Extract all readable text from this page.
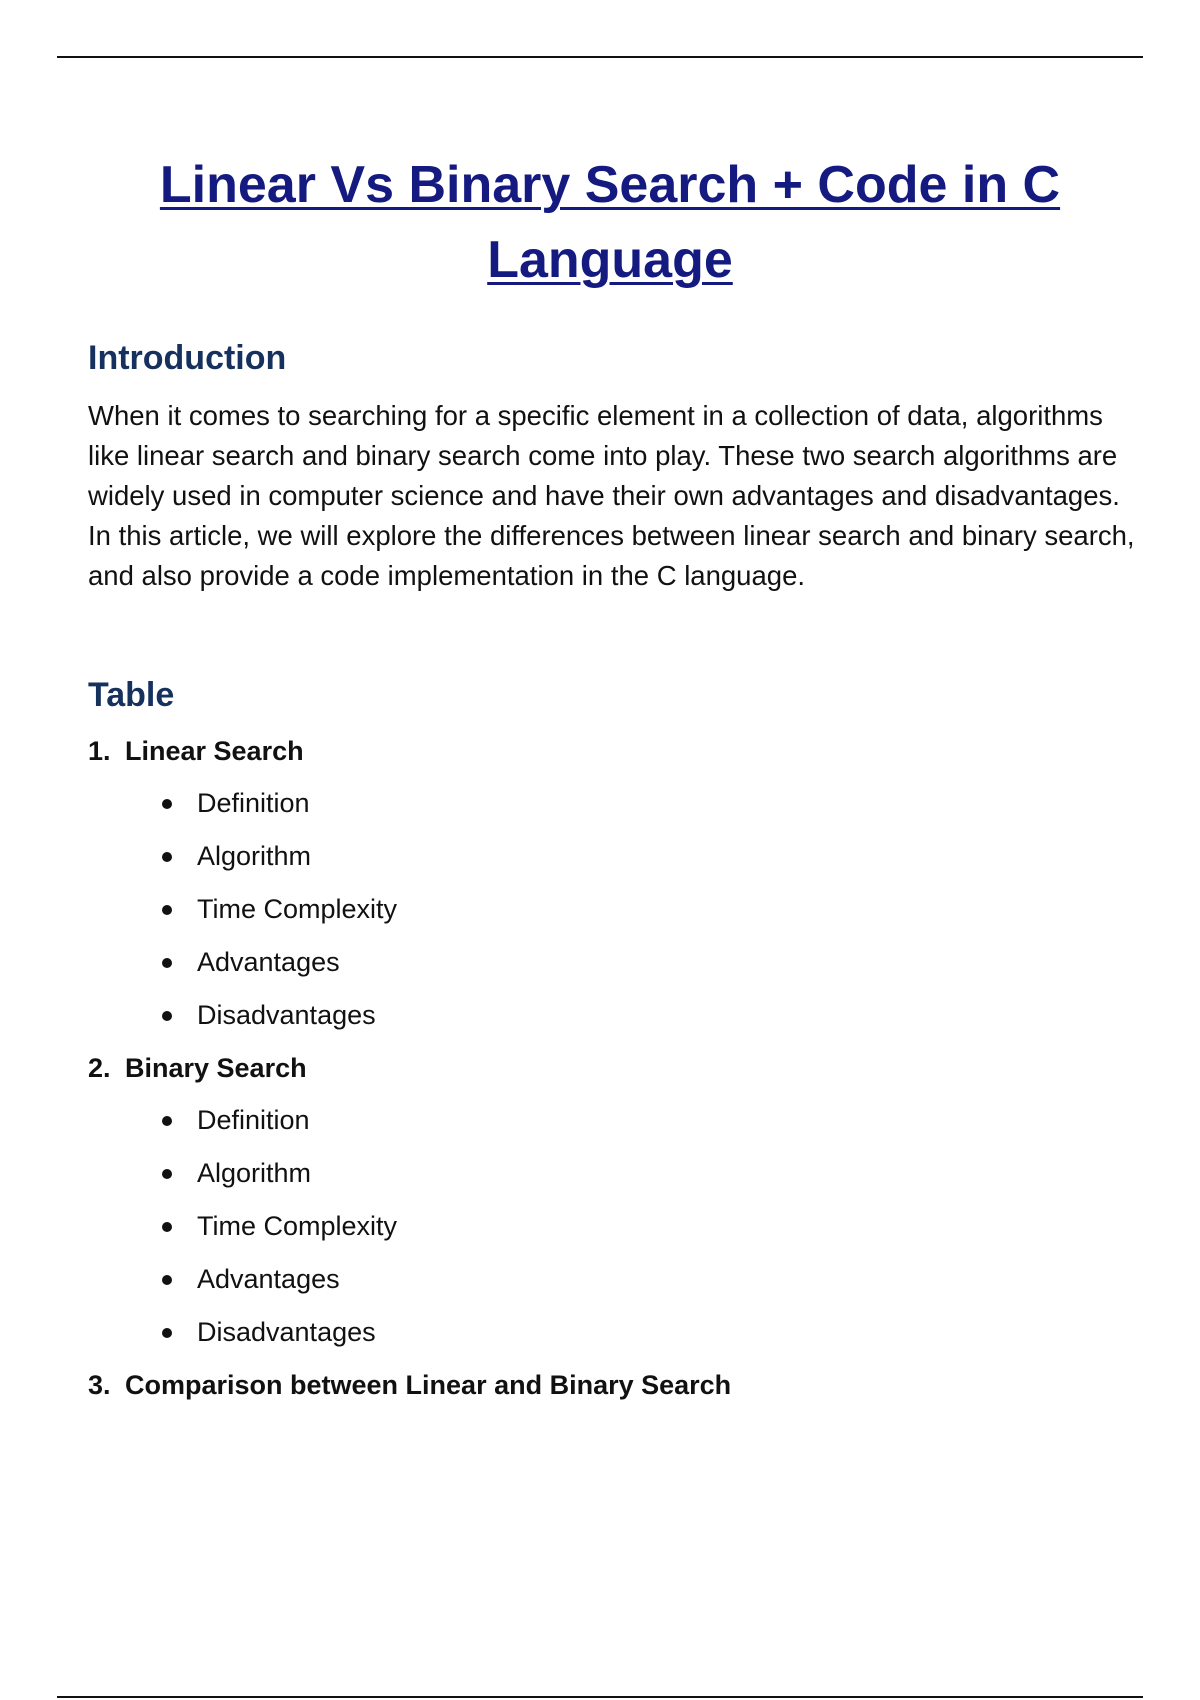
Linear Vs Binary Search + Code in C Language
Introduction

When it comes to searching for a specific element in a collection of data, algorithms like linear search and binary search come into play. These two search algorithms are widely used in computer science and have their own advantages and disadvantages. In this article, we will explore the differences between linear search and binary search, and also provide a code implementation in the C language.

Table
1. Linear Search
Definition
Algorithm
Time Complexity
Advantages
Disadvantages
2. Binary Search
Definition
Algorithm
Time Complexity
Advantages
Disadvantages
3. Comparison between Linear and Binary Search
